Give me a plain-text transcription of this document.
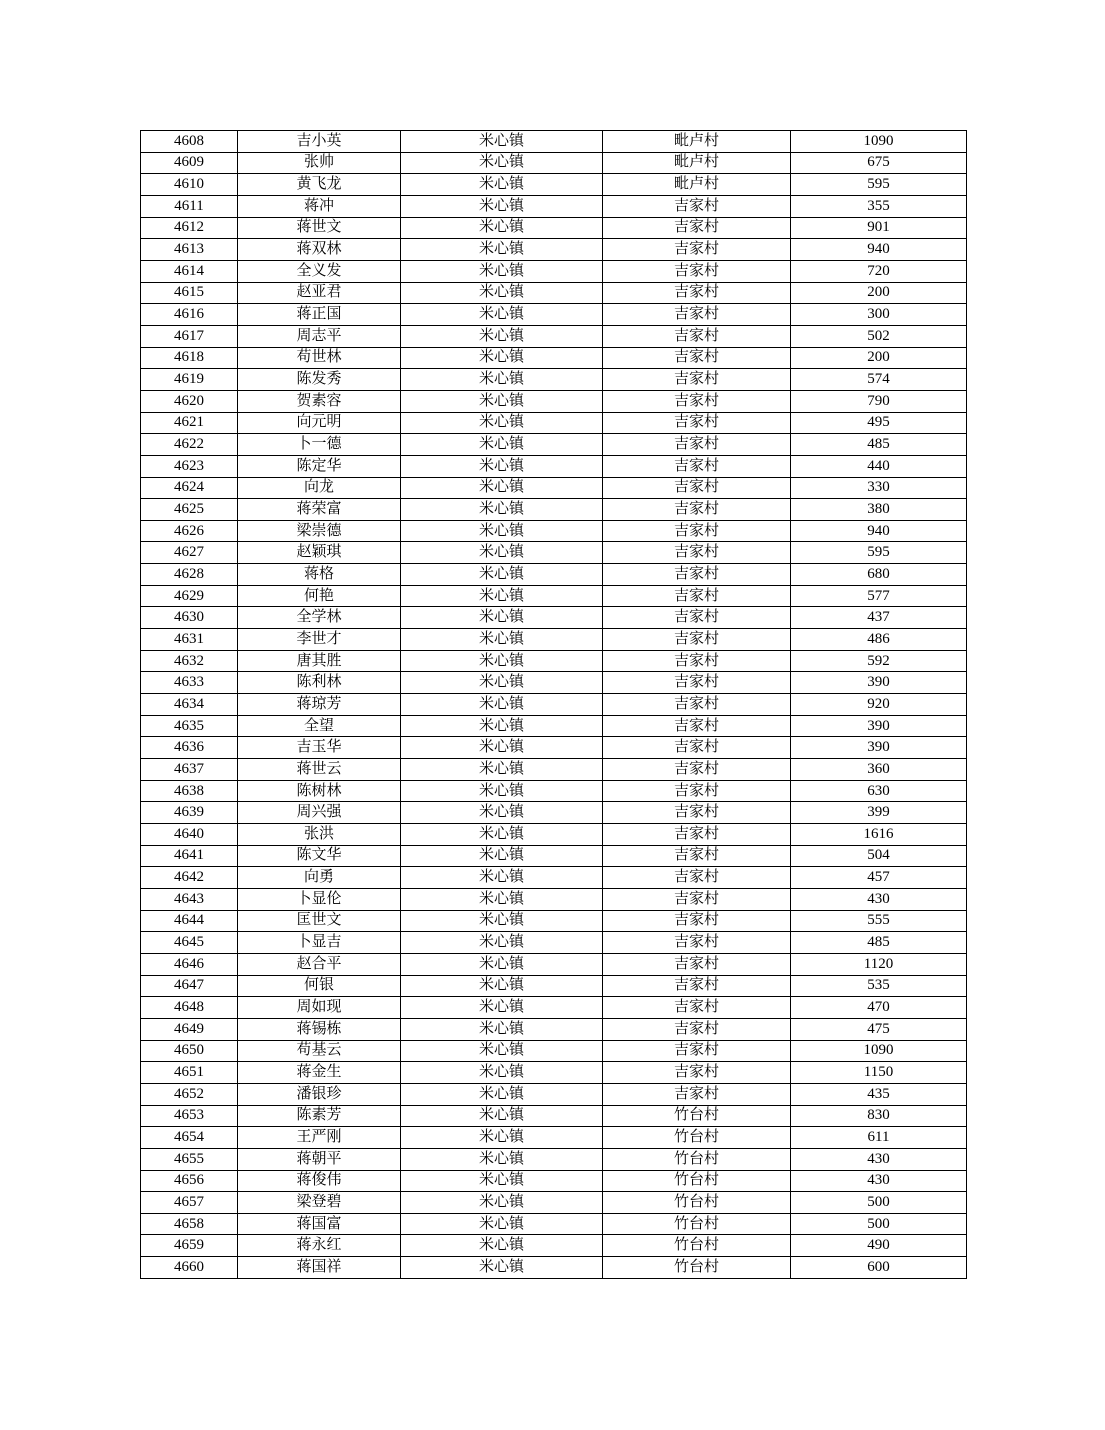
4608	吉小英	米心镇	毗卢村	1090
4609	张帅	米心镇	毗卢村	675
4610	黄飞龙	米心镇	毗卢村	595
4611	蒋冲	米心镇	吉家村	355
4612	蒋世文	米心镇	吉家村	901
4613	蒋双林	米心镇	吉家村	940
4614	全义发	米心镇	吉家村	720
4615	赵亚君	米心镇	吉家村	200
4616	蒋正国	米心镇	吉家村	300
4617	周志平	米心镇	吉家村	502
4618	苟世林	米心镇	吉家村	200
4619	陈发秀	米心镇	吉家村	574
4620	贺素容	米心镇	吉家村	790
4621	向元明	米心镇	吉家村	495
4622	卜一德	米心镇	吉家村	485
4623	陈定华	米心镇	吉家村	440
4624	向龙	米心镇	吉家村	330
4625	蒋荣富	米心镇	吉家村	380
4626	梁崇德	米心镇	吉家村	940
4627	赵颖琪	米心镇	吉家村	595
4628	蒋格	米心镇	吉家村	680
4629	何艳	米心镇	吉家村	577
4630	全学林	米心镇	吉家村	437
4631	李世才	米心镇	吉家村	486
4632	唐其胜	米心镇	吉家村	592
4633	陈利林	米心镇	吉家村	390
4634	蒋琼芳	米心镇	吉家村	920
4635	全望	米心镇	吉家村	390
4636	吉玉华	米心镇	吉家村	390
4637	蒋世云	米心镇	吉家村	360
4638	陈树林	米心镇	吉家村	630
4639	周兴强	米心镇	吉家村	399
4640	张洪	米心镇	吉家村	1616
4641	陈文华	米心镇	吉家村	504
4642	向勇	米心镇	吉家村	457
4643	卜显伦	米心镇	吉家村	430
4644	匡世文	米心镇	吉家村	555
4645	卜显吉	米心镇	吉家村	485
4646	赵合平	米心镇	吉家村	1120
4647	何银	米心镇	吉家村	535
4648	周如现	米心镇	吉家村	470
4649	蒋锡栋	米心镇	吉家村	475
4650	苟基云	米心镇	吉家村	1090
4651	蒋金生	米心镇	吉家村	1150
4652	潘银珍	米心镇	吉家村	435
4653	陈素芳	米心镇	竹台村	830
4654	王严刚	米心镇	竹台村	611
4655	蒋朝平	米心镇	竹台村	430
4656	蒋俊伟	米心镇	竹台村	430
4657	梁登碧	米心镇	竹台村	500
4658	蒋国富	米心镇	竹台村	500
4659	蒋永红	米心镇	竹台村	490
4660	蒋国祥	米心镇	竹台村	600
